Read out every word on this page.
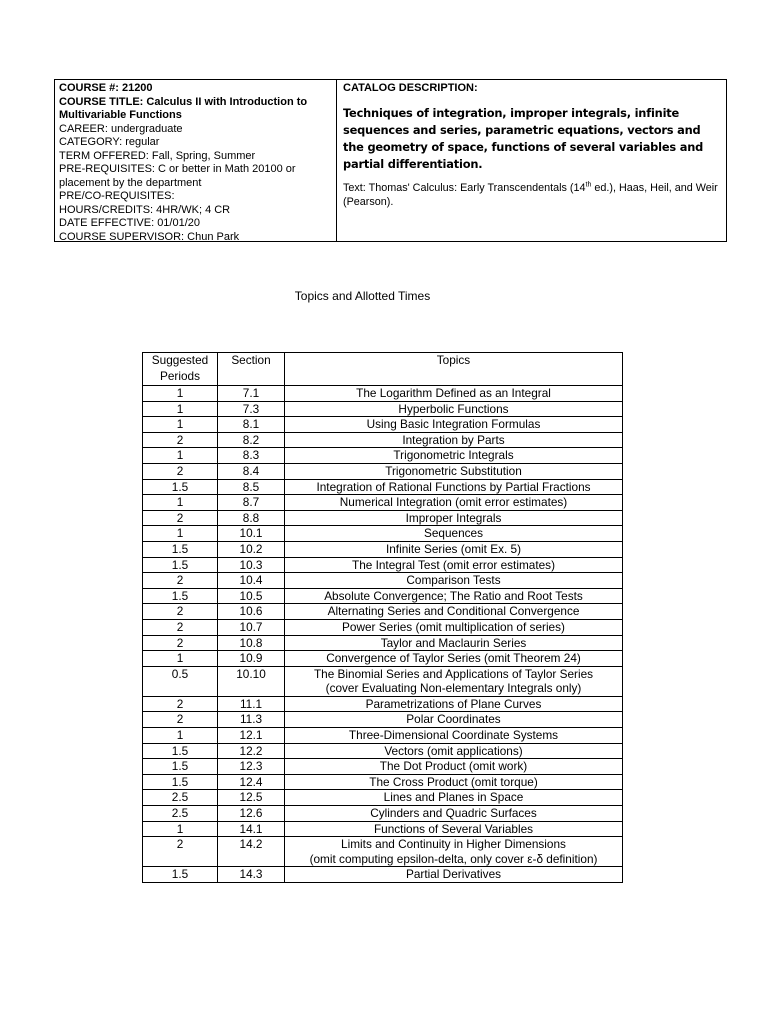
COURSE #: 21200
COURSE TITLE: Calculus II with Introduction to Multivariable Functions
CAREER: undergraduate
CATEGORY: regular
TERM OFFERED: Fall, Spring, Summer
PRE-REQUISITES: C or better in Math 20100 or placement by the department
PRE/CO-REQUISITES:
HOURS/CREDITS: 4HR/WK; 4 CR
DATE EFFECTIVE: 01/01/20
COURSE SUPERVISOR: Chun Park
CATALOG DESCRIPTION:
Techniques of integration, improper integrals, infinite sequences and series, parametric equations, vectors and the geometry of space, functions of several variables and partial differentiation.
Text: Thomas' Calculus: Early Transcendentals (14th ed.), Haas, Heil, and Weir (Pearson).
Topics and Allotted Times
Suggested Periods	Section	Topics
1	7.1	The Logarithm Defined as an Integral
1	7.3	Hyperbolic Functions
1	8.1	Using Basic Integration Formulas
2	8.2	Integration by Parts
1	8.3	Trigonometric Integrals
2	8.4	Trigonometric Substitution
1.5	8.5	Integration of Rational Functions by Partial Fractions
1	8.7	Numerical Integration (omit error estimates)
2	8.8	Improper Integrals
1	10.1	Sequences
1.5	10.2	Infinite Series (omit Ex. 5)
1.5	10.3	The Integral Test (omit error estimates)
2	10.4	Comparison Tests
1.5	10.5	Absolute Convergence; The Ratio and Root Tests
2	10.6	Alternating Series and Conditional Convergence
2	10.7	Power Series (omit multiplication of series)
2	10.8	Taylor and Maclaurin Series
1	10.9	Convergence of Taylor Series (omit Theorem 24)
0.5	10.10	The Binomial Series and Applications of Taylor Series
(cover Evaluating Non-elementary Integrals only)
2	11.1	Parametrizations of Plane Curves
2	11.3	Polar Coordinates
1	12.1	Three-Dimensional Coordinate Systems
1.5	12.2	Vectors (omit applications)
1.5	12.3	The Dot Product (omit work)
1.5	12.4	The Cross Product (omit torque)
2.5	12.5	Lines and Planes in Space
2.5	12.6	Cylinders and Quadric Surfaces
1	14.1	Functions of Several Variables
2	14.2	Limits and Continuity in Higher Dimensions
(omit computing epsilon-delta, only cover ε-δ definition)
1.5	14.3	Partial Derivatives
